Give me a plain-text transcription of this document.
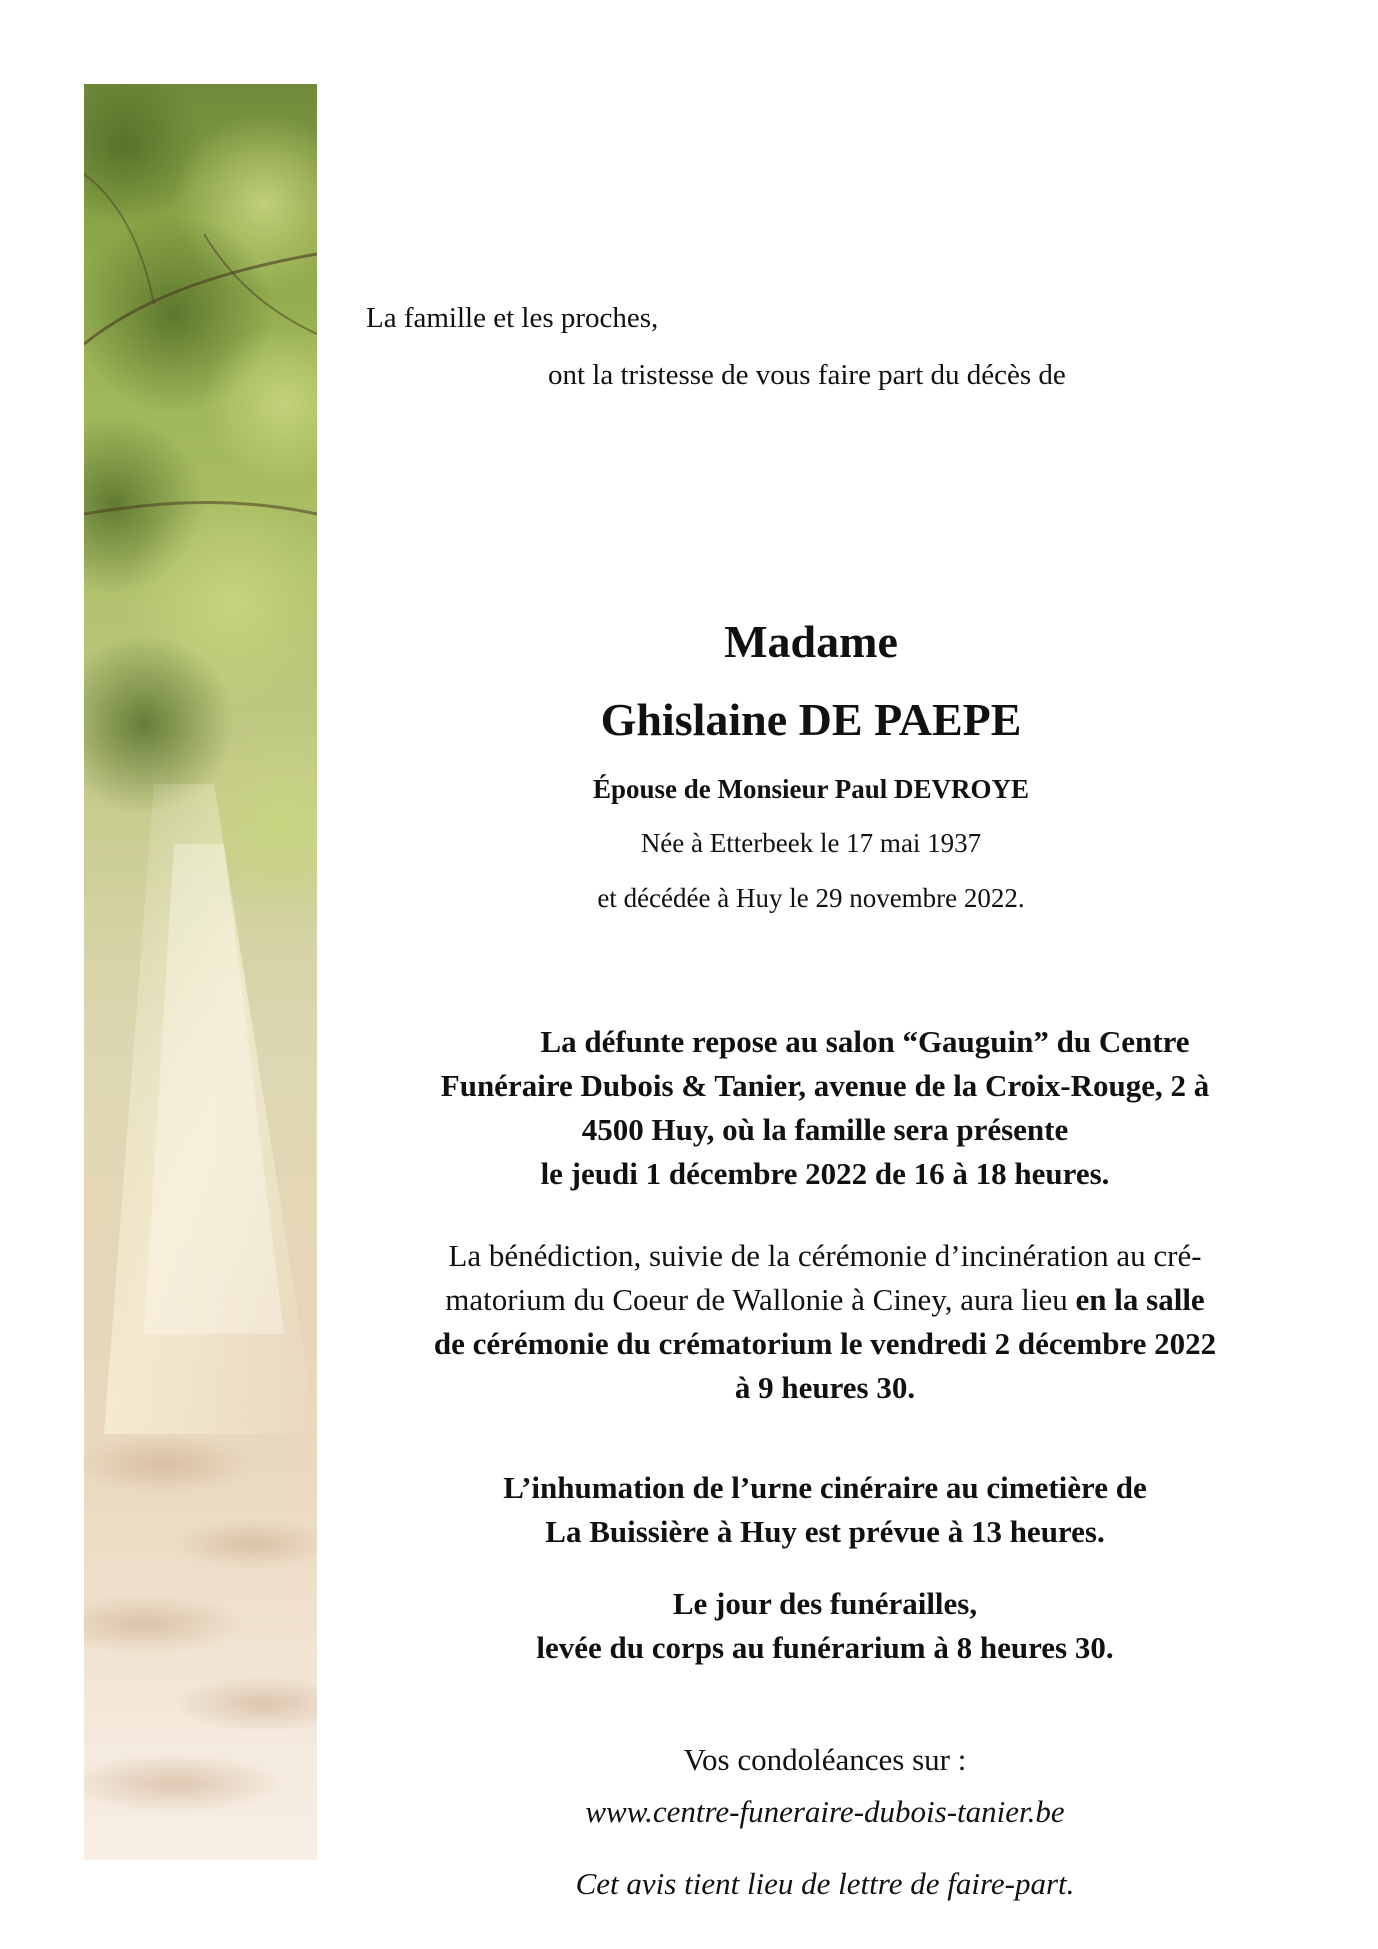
La famille et les proches,

ont la tristesse de vous faire part du décès de

Madame

Ghislaine DE PAEPE

Épouse de Monsieur Paul DEVROYE

Née à Etterbeek le 17 mai 1937

et décédée à Huy le 29 novembre 2022.

La défunte repose au salon “Gauguin” du Centre
Funéraire Dubois & Tanier, avenue de la Croix-Rouge, 2 à
4500 Huy, où la famille sera présente
le jeudi 1 décembre 2022 de 16 à 18 heures.
La bénédiction, suivie de la cérémonie d’incinération au cré-
matorium du Coeur de Wallonie à Ciney, aura lieu en la salle
de cérémonie du crématorium le vendredi 2 décembre 2022
à 9 heures 30.
L’inhumation de l’urne cinéraire au cimetière de
La Buissière à Huy est prévue à 13 heures.
Le jour des funérailles,
levée du corps au funérarium à 8 heures 30.
Vos condoléances sur :
www.centre-funeraire-dubois-tanier.be
Cet avis tient lieu de lettre de faire-part.
